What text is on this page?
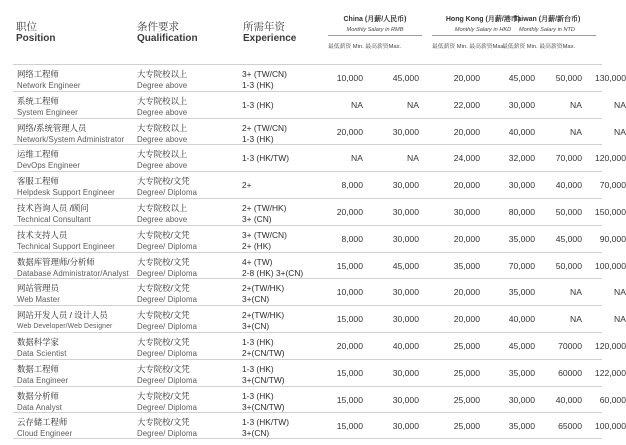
职位
Position
条件要求
Qualification
所需年资
Experience
China (月薪/人民币)
Monthly Salary in RMB
Hong Kong (月薪/港币)
Monthly Salary in HKD
Taiwan (月薪/新台币)
Monthly Salary in NTD
最低薪资 Min. 最高薪资Max.	最低薪资 Min. 最高薪资Max.
最低薪资 Min. 最高薪资Max.
网络工程师
Network Engineer
大专院校以上
Degree above
3+ (TW/CN)
1-3 (HK)
10,000	45,000	20,000	45,000	50,000	130,000
系统工程师
System Engineer
大专院校以上
Degree above
1-3 (HK)	NA	NA	22,000	30,000	NA	NA
网络/系统管理人员
Network/System Administrator
大专院校以上
Degree above
2+ (TW/CN)
1-3 (HK)
20,000	30,000	20,000	40,000	NA	NA
运维工程师
DevOps Engineer
大专院校以上
Degree above
1-3 (HK/TW)	NA	NA	24,000	32,000	70,000	120,000
客服工程师
Helpdesk Support Engineer
大专院校/文凭
Degree/ Diploma
2+	8,000	30,000	20,000	30,000	40,000	70,000
技术咨询人员 /顾问
Technical Consultant
大专院校以上
Degree above
2+ (TW/HK)
3+ (CN)
20,000	30,000	30,000	80,000	50,000	150,000
技术支持人员
Technical Support Engineer
大专院校/文凭
Degree/ Diploma
3+ (TW/CN)
2+ (HK)
8,000	30,000	20,000	35,000	45,000	90,000
数据库管理师/分析师
Database Administrator/Analyst
大专院校/文凭
Degree/ Diploma
4+ (TW)
2-8 (HK) 3+(CN)
15,000	45,000	35,000	70,000	50,000	100,000
网站管理员
Web Master
大专院校/文凭
Degree/ Diploma
2+(TW/HK)
3+(CN)
10,000	30,000	20,000	35,000	NA	NA
网站开发人员 / 设计人员
Web Developer/Web Designer
大专院校/文凭
Degree/ Diploma
2+(TW/HK)
3+(CN)
15,000	30,000	20,000	40,000	NA	NA
数据科学家
Data Scientist
大专院校/文凭
Degree/ Diploma
1-3 (HK)
2+(CN/TW)
20,000	40,000	25,000	45,000	70000	120,000
数据工程师
Data Engineer
大专院校/文凭
Degree/ Diploma
1-3 (HK)
3+(CN/TW)
15,000	30,000	25,000	35,000	60000	122,000
数据分析师
Data Analyst
大专院校/文凭
Degree/ Diploma
1-3 (HK)
3+(CN/TW)
15,000	30,000	25,000	30,000	40,000	60,000
云存储工程师
Cloud Engineer
大专院校/文凭
Degree/ Diploma
1-3 (HK/TW)
3+(CN)
15,000	30,000	25,000	35,000	65000	100,000
